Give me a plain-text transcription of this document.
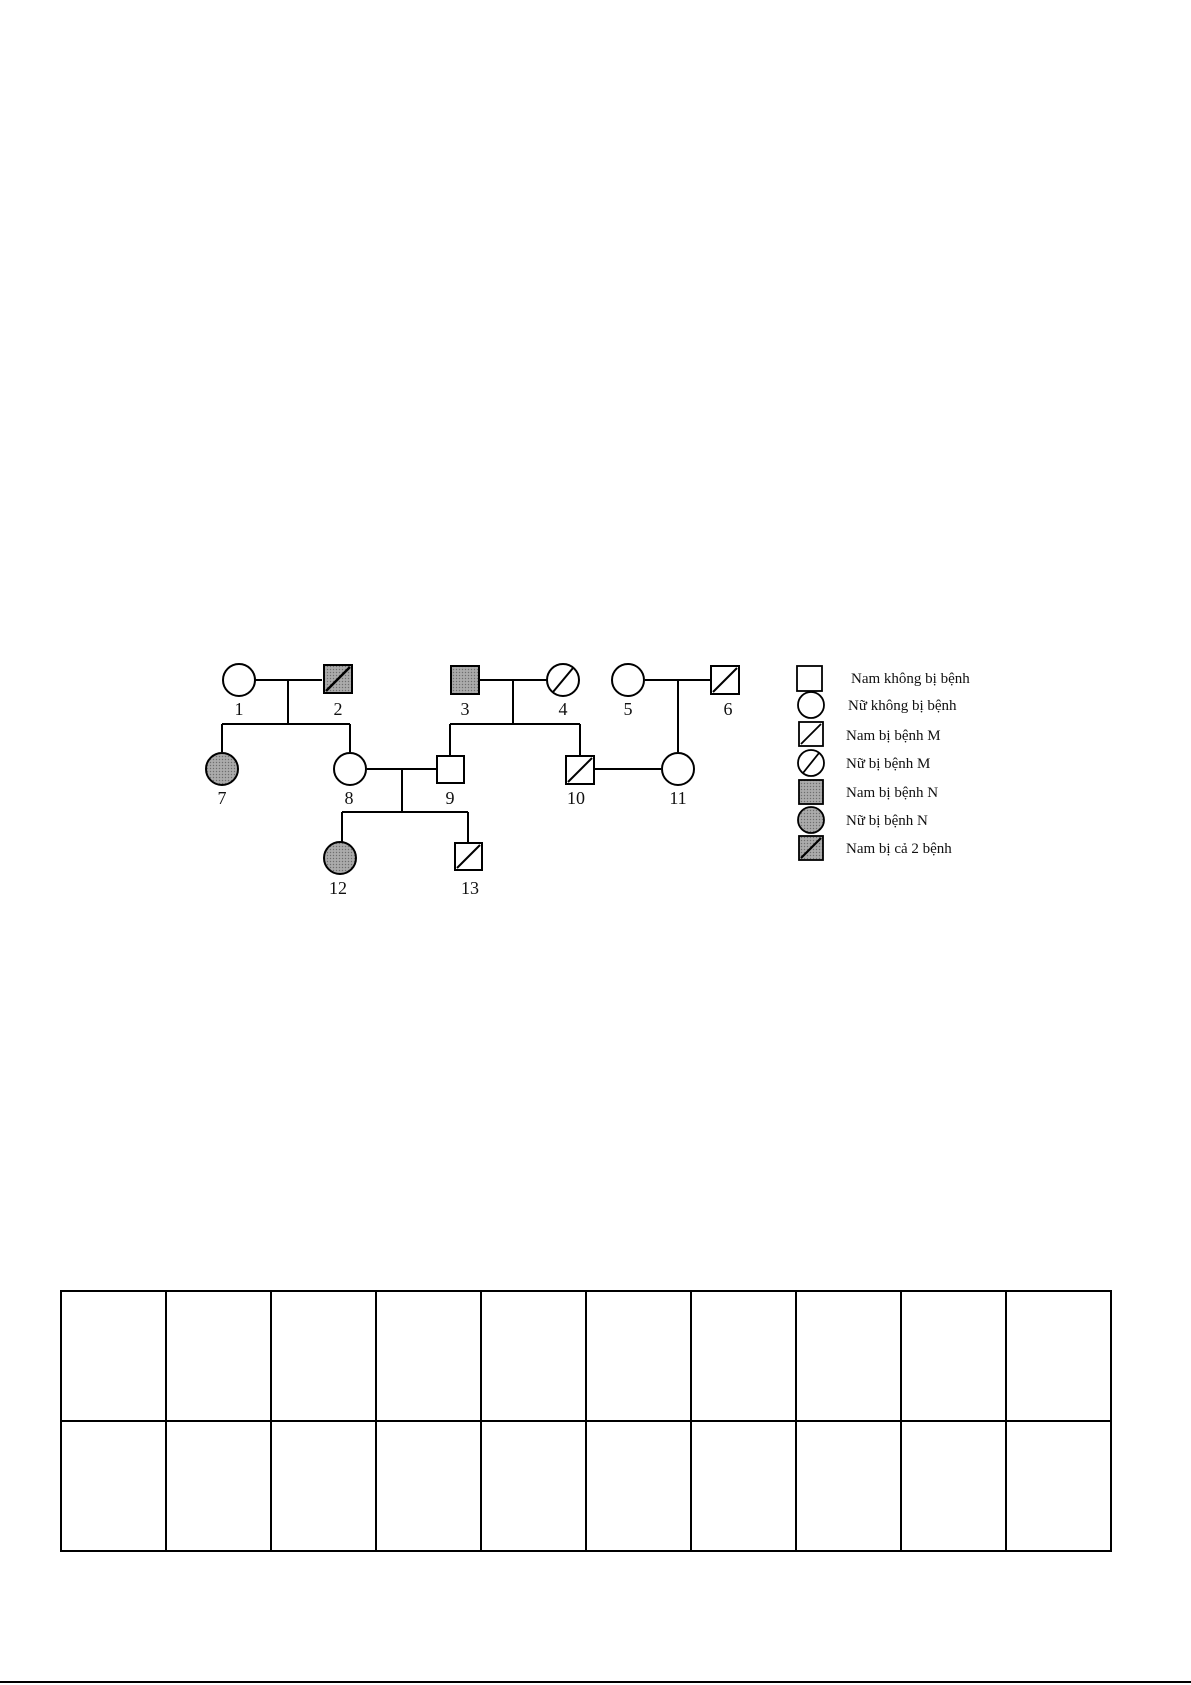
1	2	3	4	5	6
7	8	9	10	11
12	13
Nam không bị bệnh
Nữ không bị bệnh
Nam bị bệnh M
Nữ bị bệnh M
Nam bị bệnh N
Nữ bị bệnh N
Nam bị cả 2 bệnh
